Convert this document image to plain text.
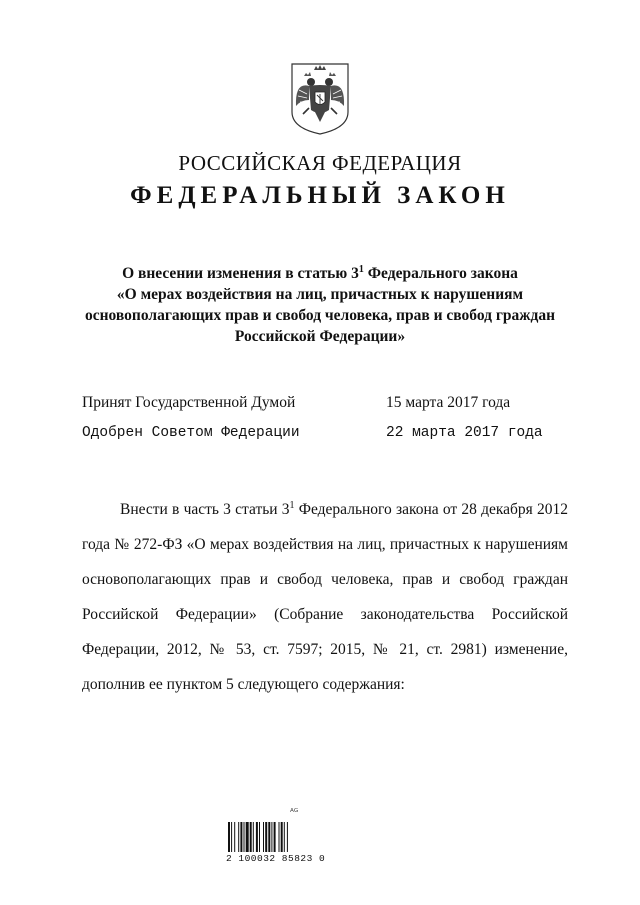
РОССИЙСКАЯ ФЕДЕРАЦИЯ
ФЕДЕРАЛЬНЫЙ ЗАКОН
О внесении изменения в статью $3^1$ Федерального закона
«О мерах воздействия на лиц, причастных к нарушениям
основополагающих прав и свобод человека, прав и свобод граждан
Российской Федерации»
Принят Государственной Думой	15 марта 2017 года
Одобрен Советом Федерации	22 марта 2017 года
Внести в часть 3 статьи $3^1$ Федерального закона от 28 декабря 2012
года № 272-ФЗ «О мерах воздействия на лиц, причастных к нарушениям
основополагающих прав и свобод человека, прав и свобод граждан
Российской Федерации» (Собрание законодательства Российской
Федерации, 2012, № 53, ст. 7597; 2015, № 21, ст. 2981) изменение,
дополнив ее пунктом 5 следующего содержания:
ᴬᴳ
2 100032 85823 0
